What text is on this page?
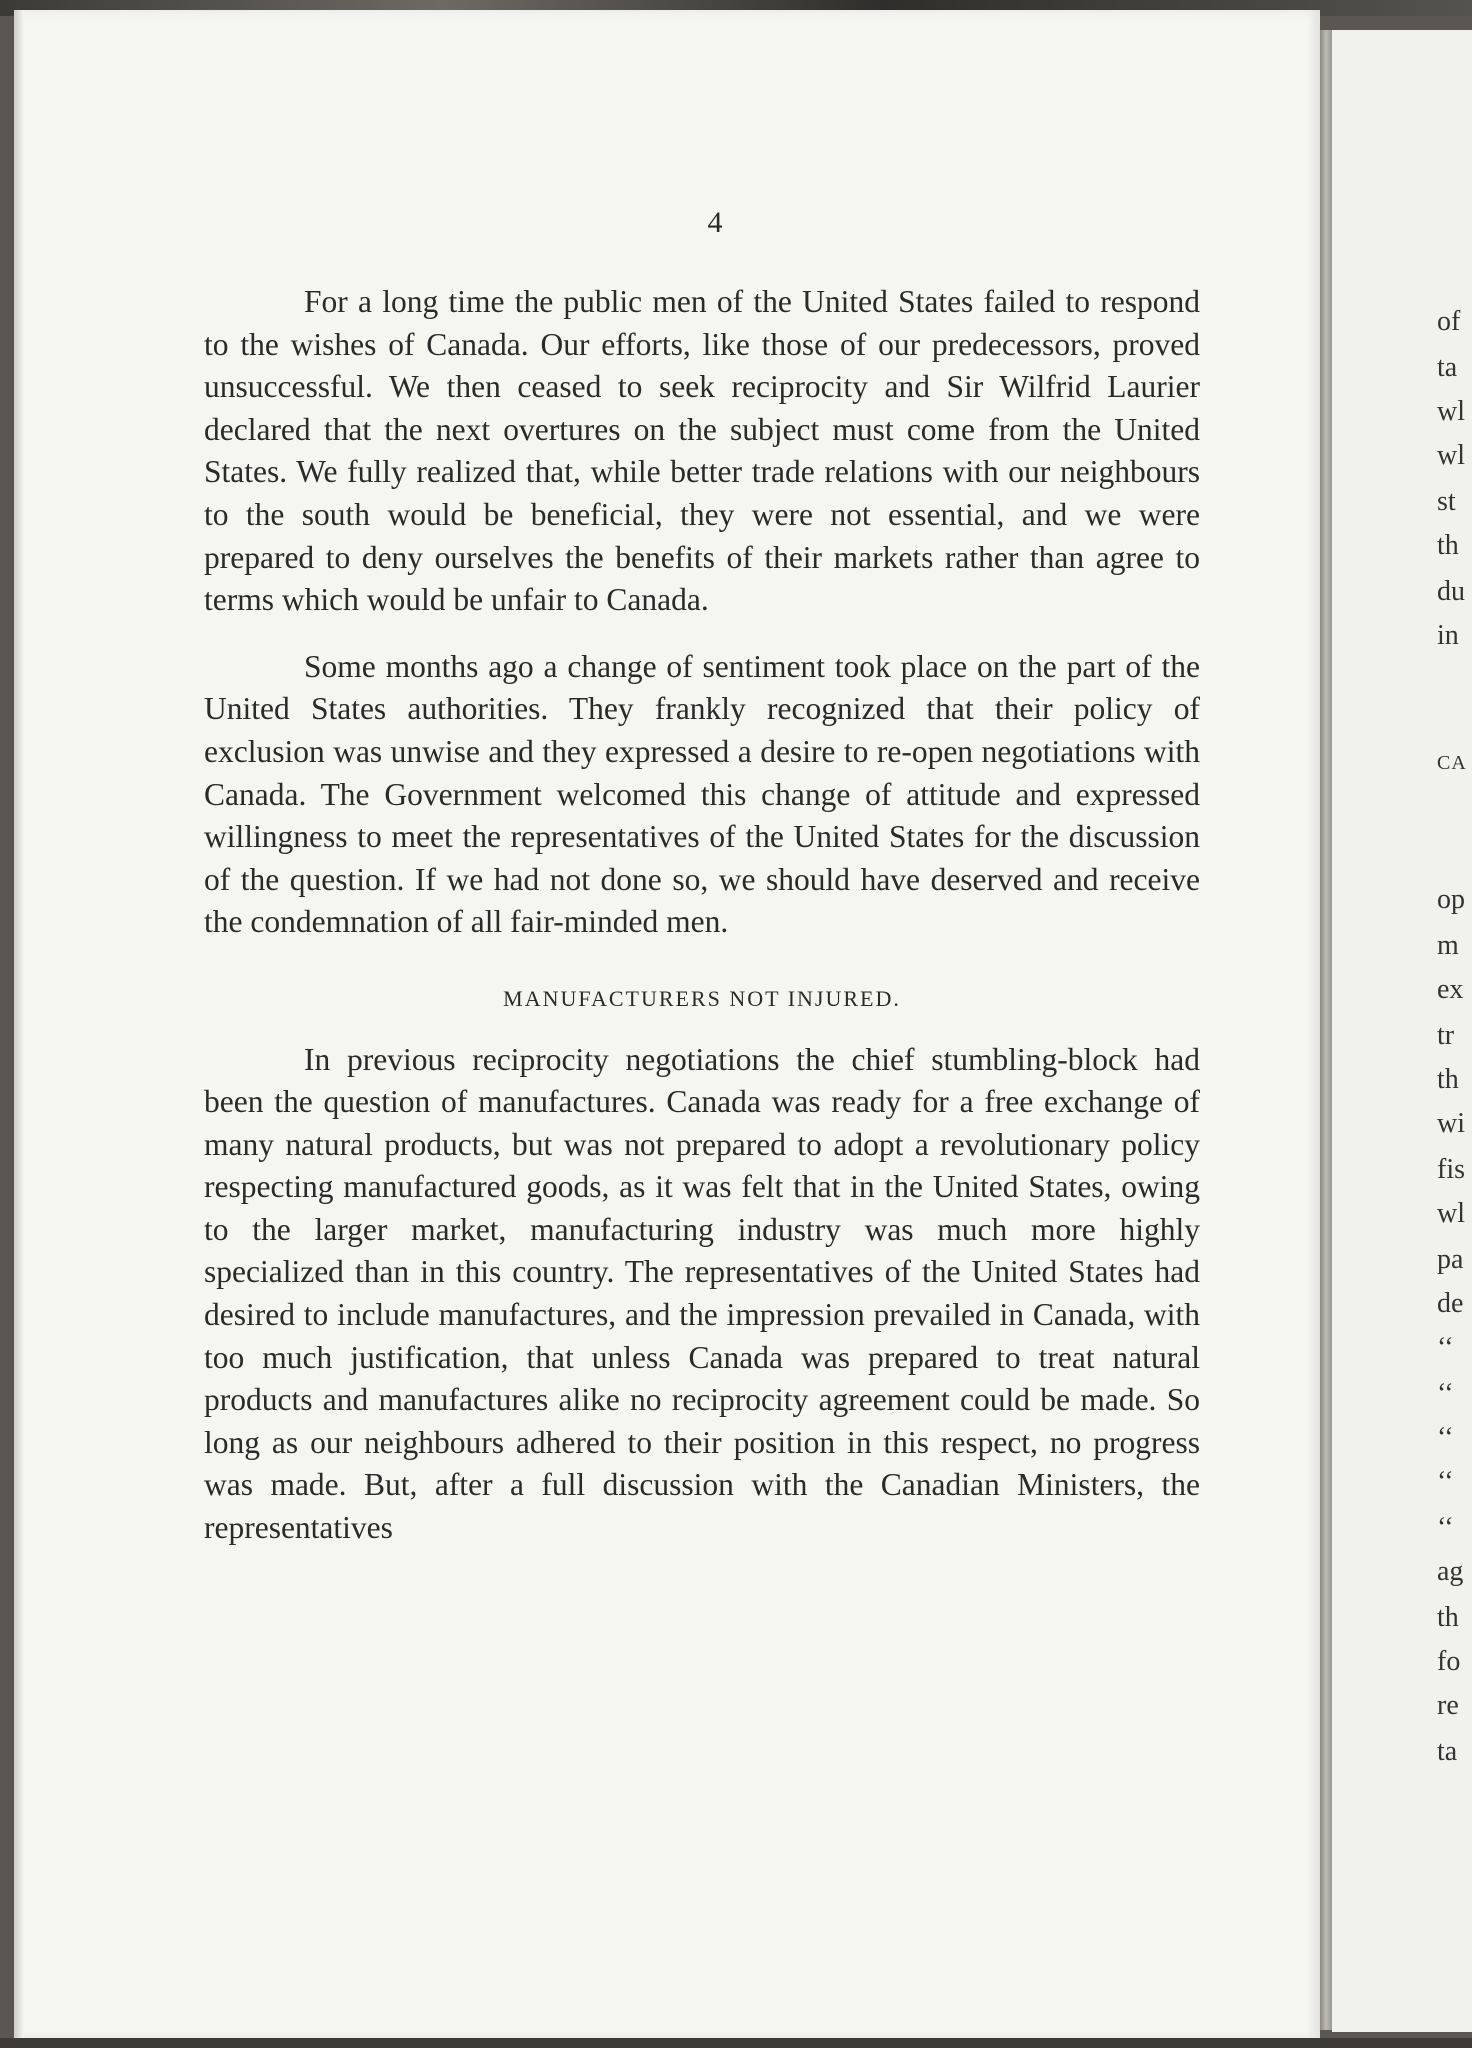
4

For a long time the public men of the United States failed to respond to the wishes of Canada. Our efforts, like those of our predecessors, proved unsuccessful. We then ceased to seek reciprocity and Sir Wilfrid Laurier declared that the next overtures on the subject must come from the United States. We fully realized that, while better trade relations with our neighbours to the south would be beneficial, they were not essential, and we were prepared to deny ourselves the benefits of their markets rather than agree to terms which would be unfair to Canada.

Some months ago a change of sentiment took place on the part of the United States authorities. They frankly recognized that their policy of exclusion was unwise and they expressed a desire to re-open negotiations with Canada. The Government welcomed this change of attitude and expressed willingness to meet the representatives of the United States for the discussion of the question. If we had not done so, we should have deserved and receive the condemnation of all fair-minded men.

MANUFACTURERS NOT INJURED.

In previous reciprocity negotiations the chief stumbling-block had been the question of manufactures. Canada was ready for a free exchange of many natural products, but was not prepared to adopt a revolutionary policy respecting manufactured goods, as it was felt that in the United States, owing to the larger market, manufacturing industry was much more highly specialized than in this country. The representatives of the United States had desired to include manufactures, and the impression prevailed in Canada, with too much justification, that unless Canada was prepared to treat natural products and manufactures alike no reciprocity agreement could be made. So long as our neighbours adhered to their position in this respect, no progress was made. But, after a full discussion with the Canadian Ministers, the representatives

of
ta
wl
wl
st
th
du
in
CA
op
m
ex
tr
th
wi
fis
wl
pa
de
‘‘
‘‘
‘‘
‘‘
‘‘
ag
th
fo
re
ta
